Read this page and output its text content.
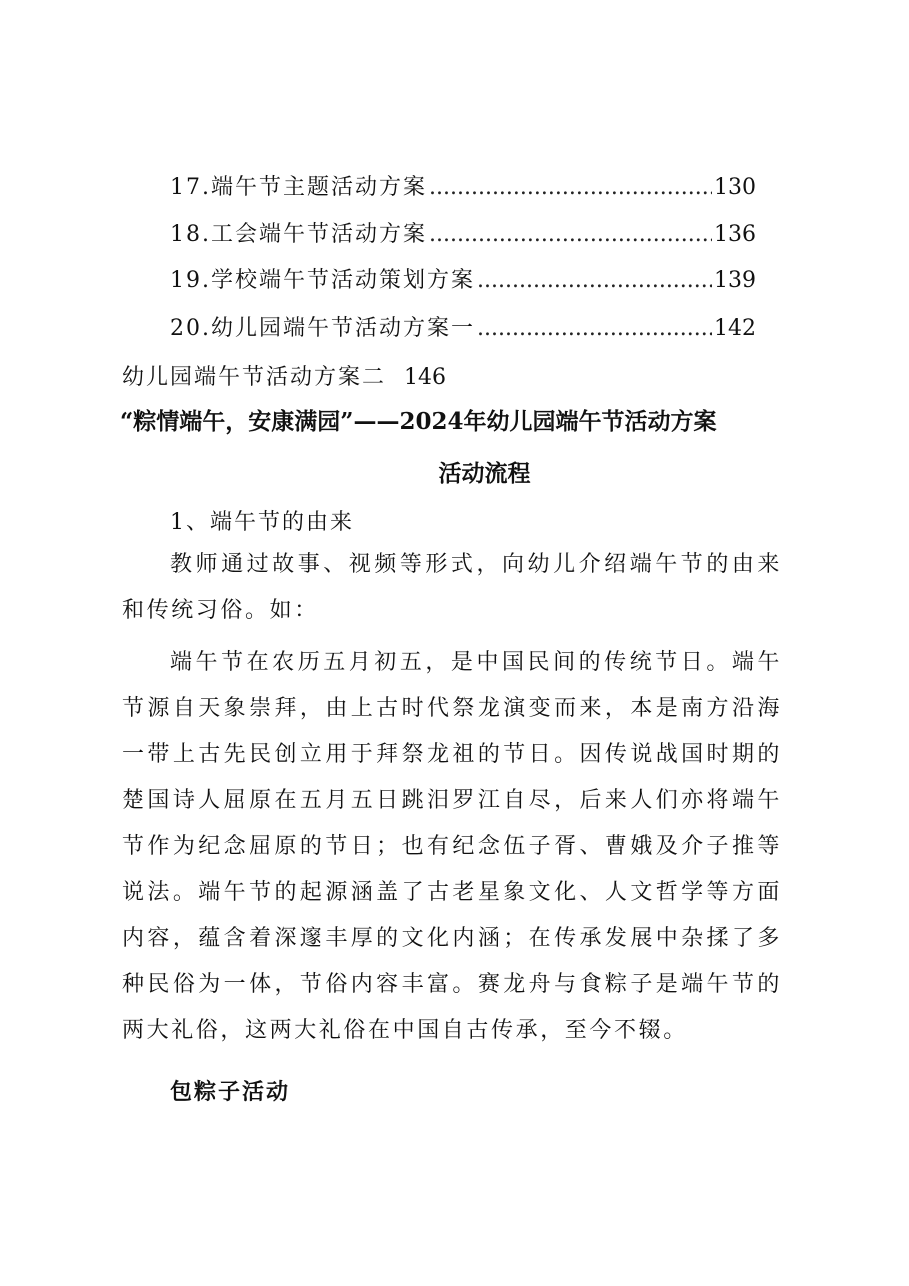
17.端午节主题活动方案 .....	130
18.工会端午节活动方案 .....	136
19.学校端午节活动策划方案 .....	139
20.幼儿园端午节活动方案一 .....	142
幼儿园端午节活动方案二 146
“粽情端午，安康满园”——2024年幼儿园端午节活动方案
活动流程
1、端午节的由来
教师通过故事、视频等形式，向幼儿介绍端午节的由来和传统习俗。如：
端午节在农历五月初五，是中国民间的传统节日。端午节源自天象崇拜，由上古时代祭龙演变而来，本是南方沿海一带上古先民创立用于拜祭龙祖的节日。因传说战国时期的楚国诗人屈原在五月五日跳汨罗江自尽，后来人们亦将端午节作为纪念屈原的节日；也有纪念伍子胥、曹娥及介子推等说法。端午节的起源涵盖了古老星象文化、人文哲学等方面内容，蕴含着深邃丰厚的文化内涵；在传承发展中杂揉了多种民俗为一体，节俗内容丰富。赛龙舟与食粽子是端午节的两大礼俗，这两大礼俗在中国自古传承，至今不辍。
包粽子活动
